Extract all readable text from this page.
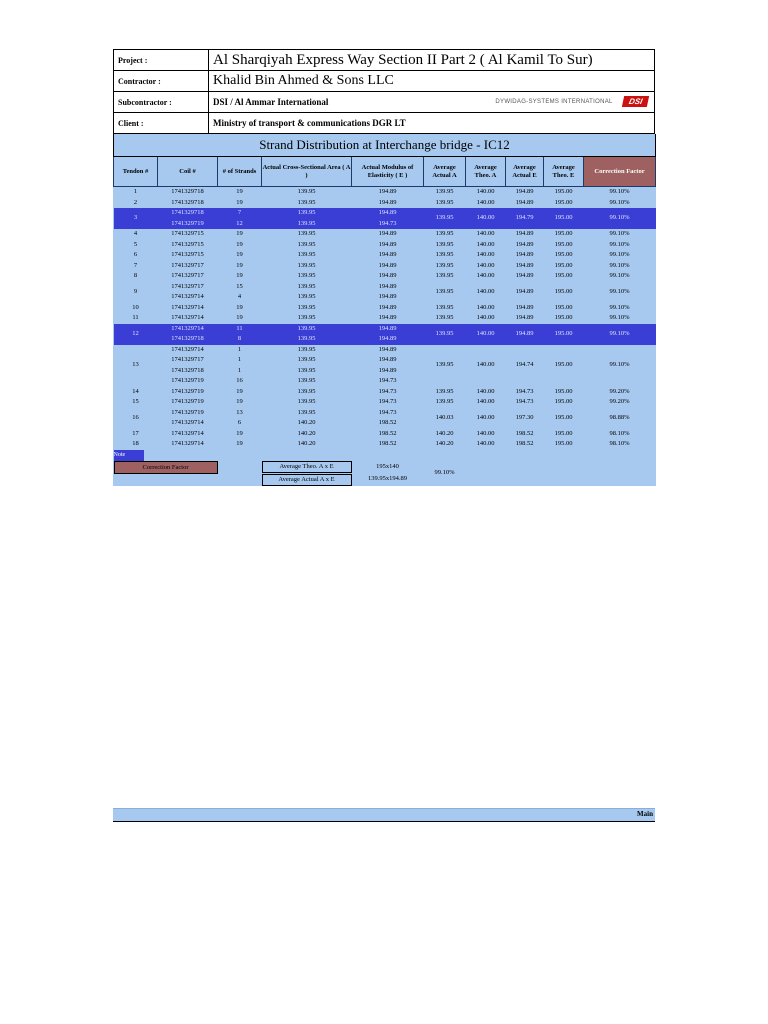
Project :	Al Sharqiyah Express Way Section II Part 2 ( Al Kamil To Sur)
Contractor :	Khalid Bin Ahmed & Sons LLC
Subcontractor :	DSI / Al Ammar International DYWIDAG-SYSTEMS INTERNATIONAL DSI

Client :	Ministry of transport & communications DGR LT
Strand Distribution at Interchange bridge - IC12									
Tendon #	Coil #	# of Strands	Actual Cross-Sectional Area ( A )	Actual Modulus of Elasticity ( E )	Average Actual A	Average Theo. A	Average Actual E	Average Theo. E	Correction Factor
1	1741329718	19	139.95	194.89	139.95	140.00	194.89	195.00	99.10%
2	1741329718	19	139.95	194.89	139.95	140.00	194.89	195.00	99.10%
3	1741329718	7	139.95	194.89	139.95	140.00	194.79	195.00	99.10%
	1741329719	12	139.95	194.73					
4	1741329715	19	139.95	194.89	139.95	140.00	194.89	195.00	99.10%
5	1741329715	19	139.95	194.89	139.95	140.00	194.89	195.00	99.10%
6	1741329715	19	139.95	194.89	139.95	140.00	194.89	195.00	99.10%
7	1741329717	19	139.95	194.89	139.95	140.00	194.89	195.00	99.10%
8	1741329717	19	139.95	194.89	139.95	140.00	194.89	195.00	99.10%
9	1741329717	15	139.95	194.89	139.95	140.00	194.89	195.00	99.10%
	1741329714	4	139.95	194.89					
10	1741329714	19	139.95	194.89	139.95	140.00	194.89	195.00	99.10%
11	1741329714	19	139.95	194.89	139.95	140.00	194.89	195.00	99.10%
12	1741329714	11	139.95	194.89	139.95	140.00	194.89	195.00	99.10%
	1741329718	8	139.95	194.89					
13	1741329714	1	139.95	194.89	139.95	140.00	194.74	195.00	99.10%
	1741329717	1	139.95	194.89					
	1741329718	1	139.95	194.89					
	1741329719	16	139.95	194.73					
14	1741329719	19	139.95	194.73	139.95	140.00	194.73	195.00	99.20%
15	1741329719	19	139.95	194.73	139.95	140.00	194.73	195.00	99.20%
16	1741329719	13	139.95	194.73	140.03	140.00	197.30	195.00	98.88%
	1741329714	6	140.20	198.52					
17	1741329714	19	140.20	198.52	140.20	140.00	198.52	195.00	98.10%
18	1741329714	19	140.20	198.52	140.20	140.00	198.52	195.00	98.10%
Note									

Correction Factor			Average Theo. A x E	195x140	99.10%				

			Average Actual A x E	139.95x194.89					
Main
